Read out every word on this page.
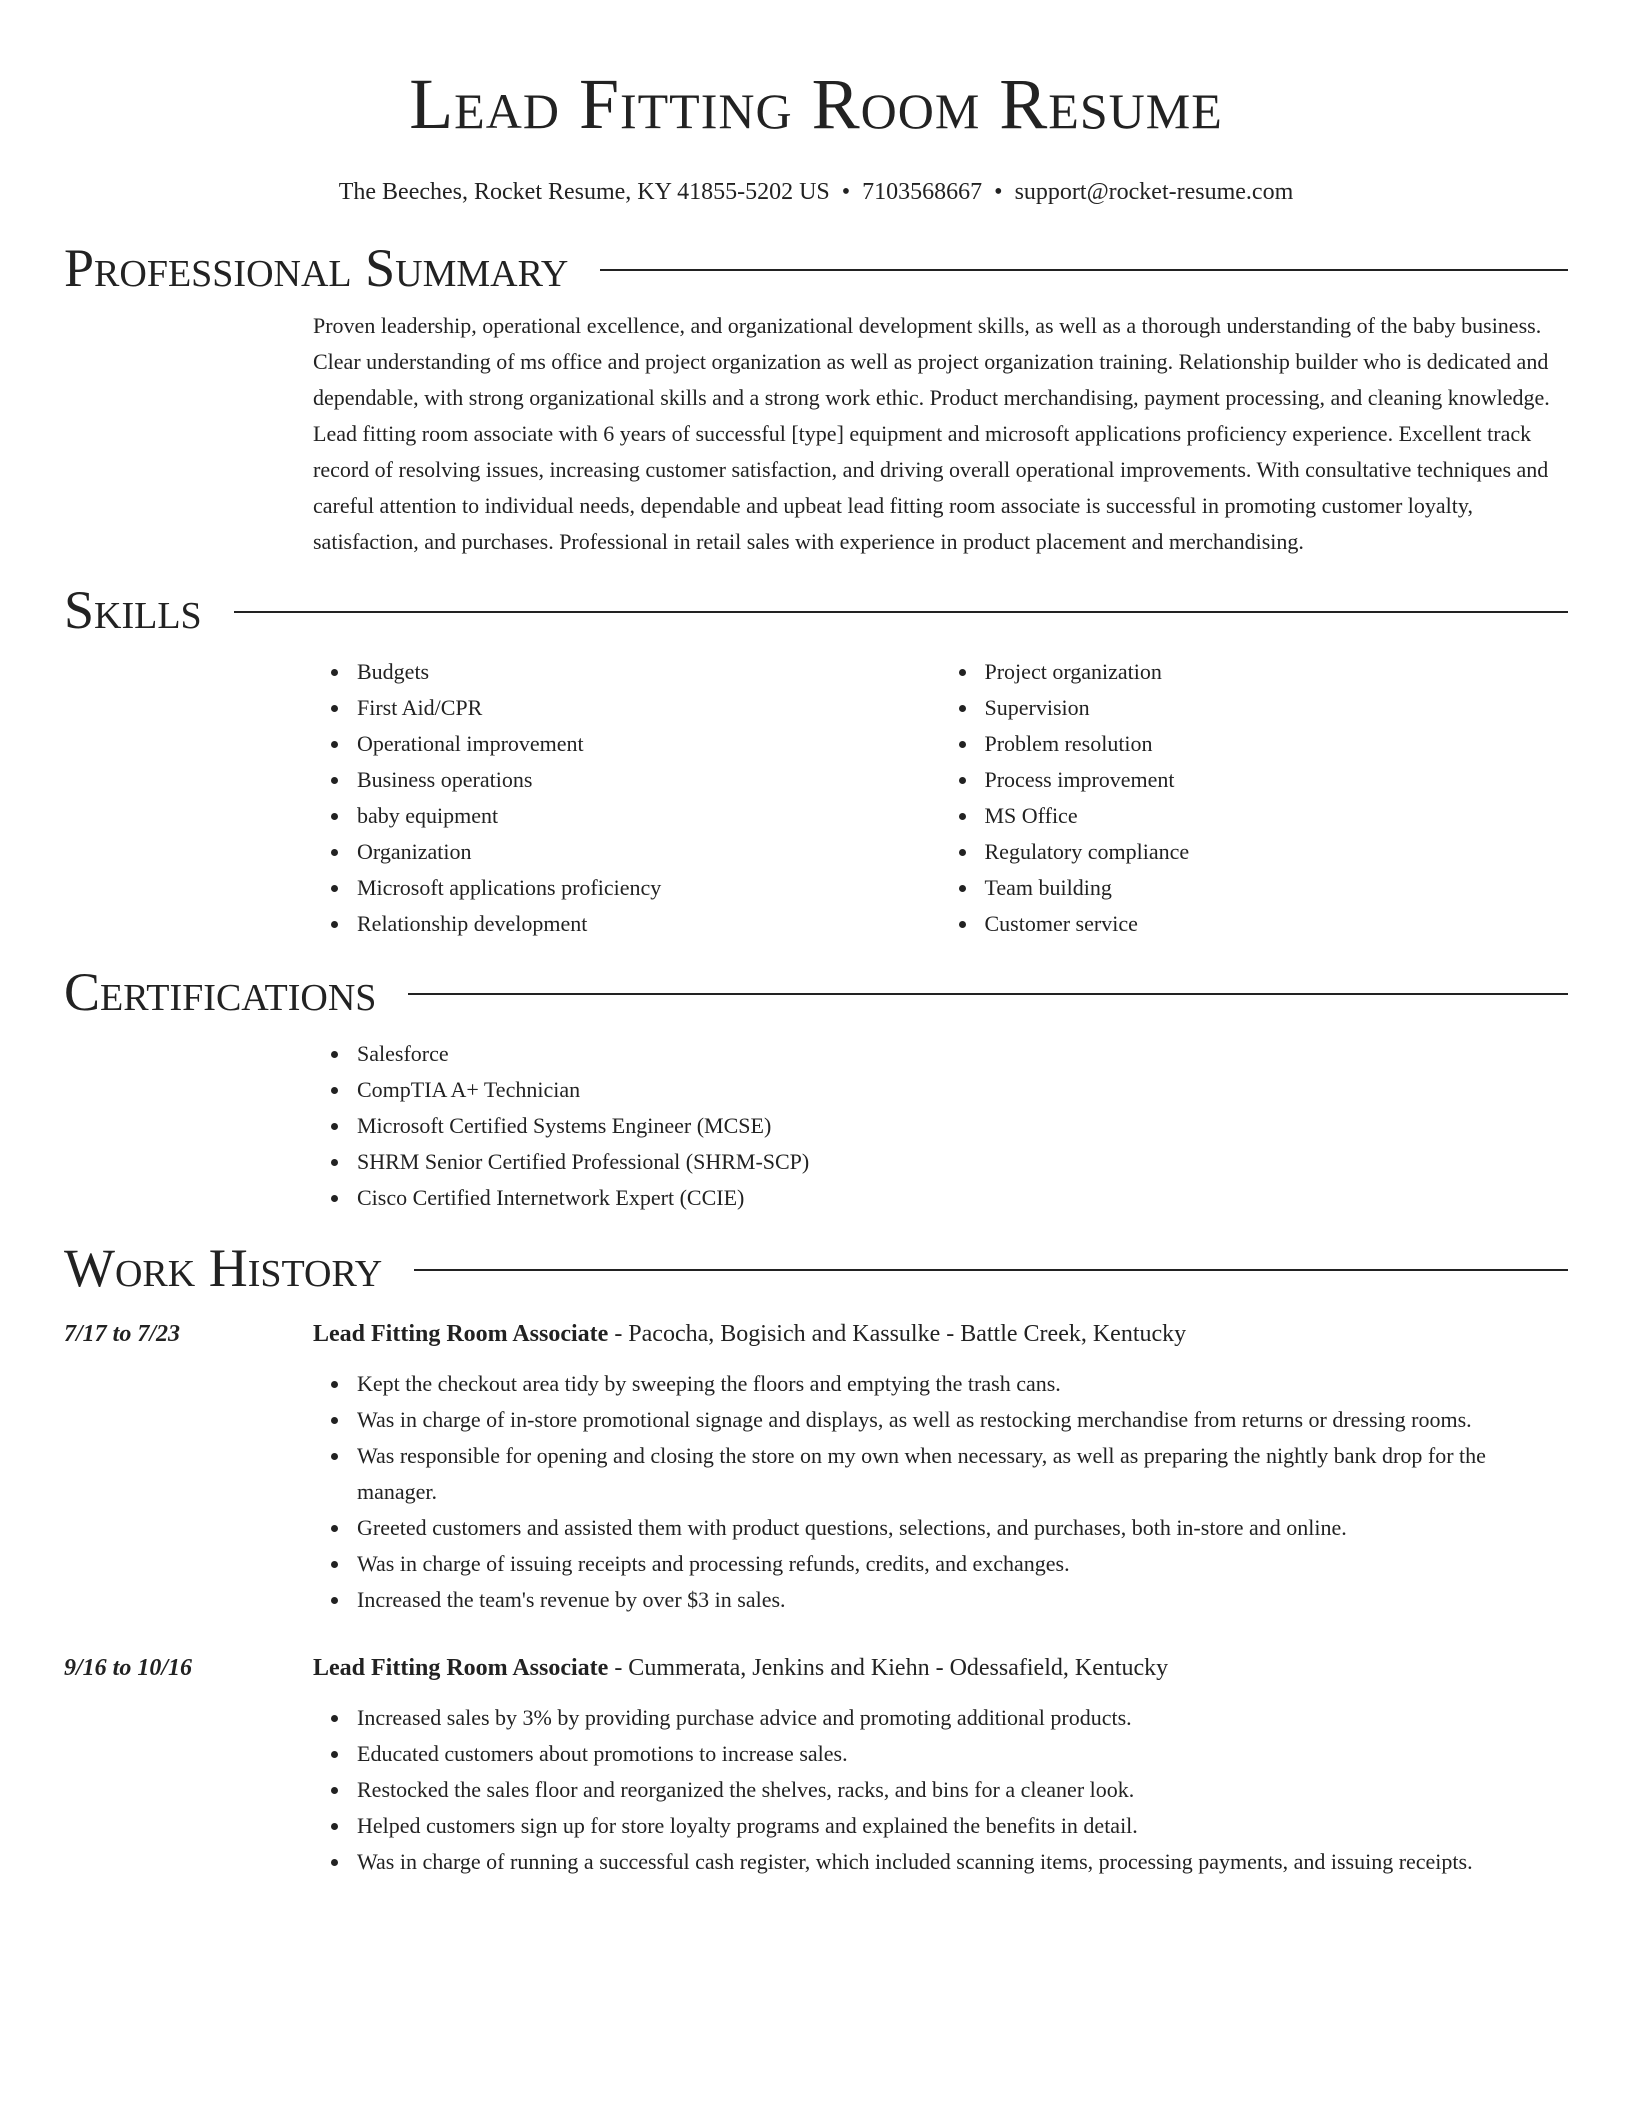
Lead Fitting Room Resume
The Beeches, Rocket Resume, KY 41855-5202 US • 7103568667 • support@rocket-resume.com
Professional Summary
Proven leadership, operational excellence, and organizational development skills, as well as a thorough understanding of the baby business. Clear understanding of ms office and project organization as well as project organization training. Relationship builder who is dedicated and dependable, with strong organizational skills and a strong work ethic. Product merchandising, payment processing, and cleaning knowledge. Lead fitting room associate with 6 years of successful [type] equipment and microsoft applications proficiency experience. Excellent track record of resolving issues, increasing customer satisfaction, and driving overall operational improvements. With consultative techniques and careful attention to individual needs, dependable and upbeat lead fitting room associate is successful in promoting customer loyalty, satisfaction, and purchases. Professional in retail sales with experience in product placement and merchandising.
Skills
Budgets
First Aid/CPR
Operational improvement
Business operations
baby equipment
Organization
Microsoft applications proficiency
Relationship development
Project organization
Supervision
Problem resolution
Process improvement
MS Office
Regulatory compliance
Team building
Customer service
Certifications
Salesforce
CompTIA A+ Technician
Microsoft Certified Systems Engineer (MCSE)
SHRM Senior Certified Professional (SHRM-SCP)
Cisco Certified Internetwork Expert (CCIE)
Work History
7/17 to 7/23	Lead Fitting Room Associate - Pacocha, Bogisich and Kassulke - Battle Creek, Kentucky
Kept the checkout area tidy by sweeping the floors and emptying the trash cans.
Was in charge of in-store promotional signage and displays, as well as restocking merchandise from returns or dressing rooms.
Was responsible for opening and closing the store on my own when necessary, as well as preparing the nightly bank drop for the manager.
Greeted customers and assisted them with product questions, selections, and purchases, both in-store and online.
Was in charge of issuing receipts and processing refunds, credits, and exchanges.
Increased the team's revenue by over $3 in sales.
9/16 to 10/16	Lead Fitting Room Associate - Cummerata, Jenkins and Kiehn - Odessafield, Kentucky
Increased sales by 3% by providing purchase advice and promoting additional products.
Educated customers about promotions to increase sales.
Restocked the sales floor and reorganized the shelves, racks, and bins for a cleaner look.
Helped customers sign up for store loyalty programs and explained the benefits in detail.
Was in charge of running a successful cash register, which included scanning items, processing payments, and issuing receipts.
